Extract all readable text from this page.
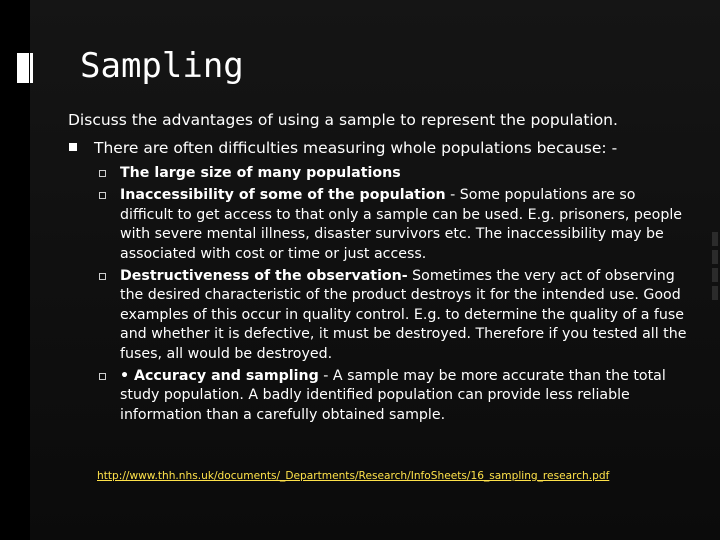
Sampling

Discuss the advantages of using a sample to represent the population.

There are often difficulties measuring whole populations because: -
The large size of many populations
Inaccessibility of some of the population - Some populations are so difficult to get access to that only a sample can be used. E.g. prisoners, people with severe mental illness, disaster survivors etc. The inaccessibility may be associated with cost or time or just access.
Destructiveness of the observation- Sometimes the very act of observing the desired characteristic of the product destroys it for the intended use. Good examples of this occur in quality control. E.g. to determine the quality of a fuse and whether it is defective, it must be destroyed. Therefore if you tested all the fuses, all would be destroyed.
• Accuracy and sampling - A sample may be more accurate than the total study population. A badly identified population can provide less reliable information than a carefully obtained sample.
http://www.thh.nhs.uk/documents/_Departments/Research/InfoSheets/16_sampling_research.pdf
